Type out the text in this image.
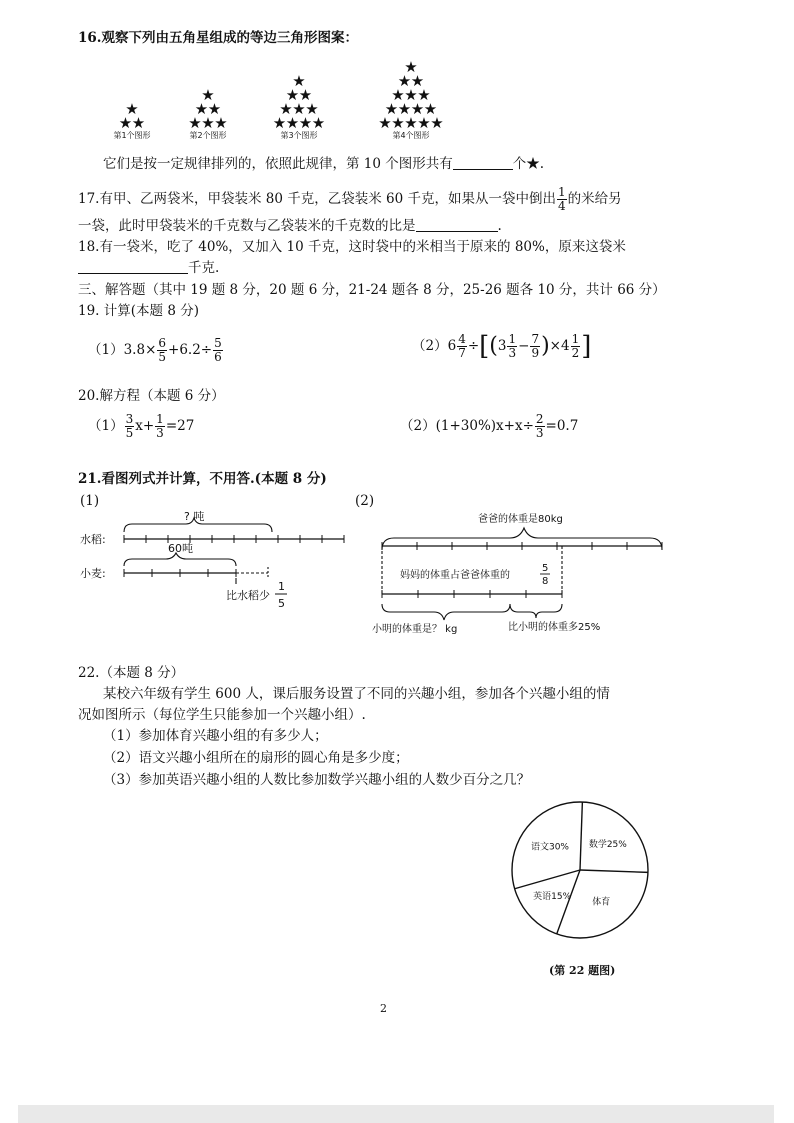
16.观察下列由五角星组成的等边三角形图案：
★
★ ★
★
★ ★
★ ★ ★
★
★ ★
★ ★ ★
★ ★ ★ ★
★
★ ★
★ ★ ★
★ ★ ★ ★
★ ★ ★ ★ ★
第1个图形	第2个图形	第3个图形	第4个图形
它们是按一定规律排列的，依照此规律，第 10 个图形共有	个★.
17.有甲、乙两袋米，甲袋装米 80 千克，乙袋装米 60 千克，如果从一袋中倒出 $\frac{1}{4}$ 的米给另
一袋，此时甲袋装米的千克数与乙袋装米的千克数的比是	.
18.有一袋米，吃了 40%，又加入 10 千克，这时袋中的米相当于原来的 80%，原来这袋米
千克.
三、解答题（其中 19 题 8 分，20 题 6 分，21-24 题各 8 分，25-26 题各 10 分，共计 66 分）
19. 计算(本题 8 分)
$(1)3.8\times \frac{6}{5} +6.2\div \frac{5}{6}$	$(2)6 \frac{4}{7} \div[(3 \frac{1}{3} - \frac{7}{9} )\times 4 \frac{1}{2}$ ]
20.解方程（本题 6 分）
$(1) \frac{3}{5} x+ \frac{1}{3} =27$	$(2)(1+30\%)x+x\div \frac{2}{3} =0.7$
21.看图列式并计算，不用答.(本题 8 分)
(1)	(2)
水稻:
小麦:
? 吨
60吨
比水稻少
1
5
爸爸的体重是80kg
妈妈的体重占爸爸体重的
5
8
小明的体重是？ kg	比小明的体重多25%
22.（本题 8 分）
某校六年级有学生 600 人，课后服务设置了不同的兴趣小组，参加各个兴趣小组的情
况如图所示（每位学生只能参加一个兴趣小组）.
（1）参加体育兴趣小组的有多少人；
（2）语文兴趣小组所在的扇形的圆心角是多少度；
（3）参加英语兴趣小组的人数比参加数学兴趣小组的人数少百分之几？
数学25%
体育
英语15%
语文30%
(第 22 题图)
2
